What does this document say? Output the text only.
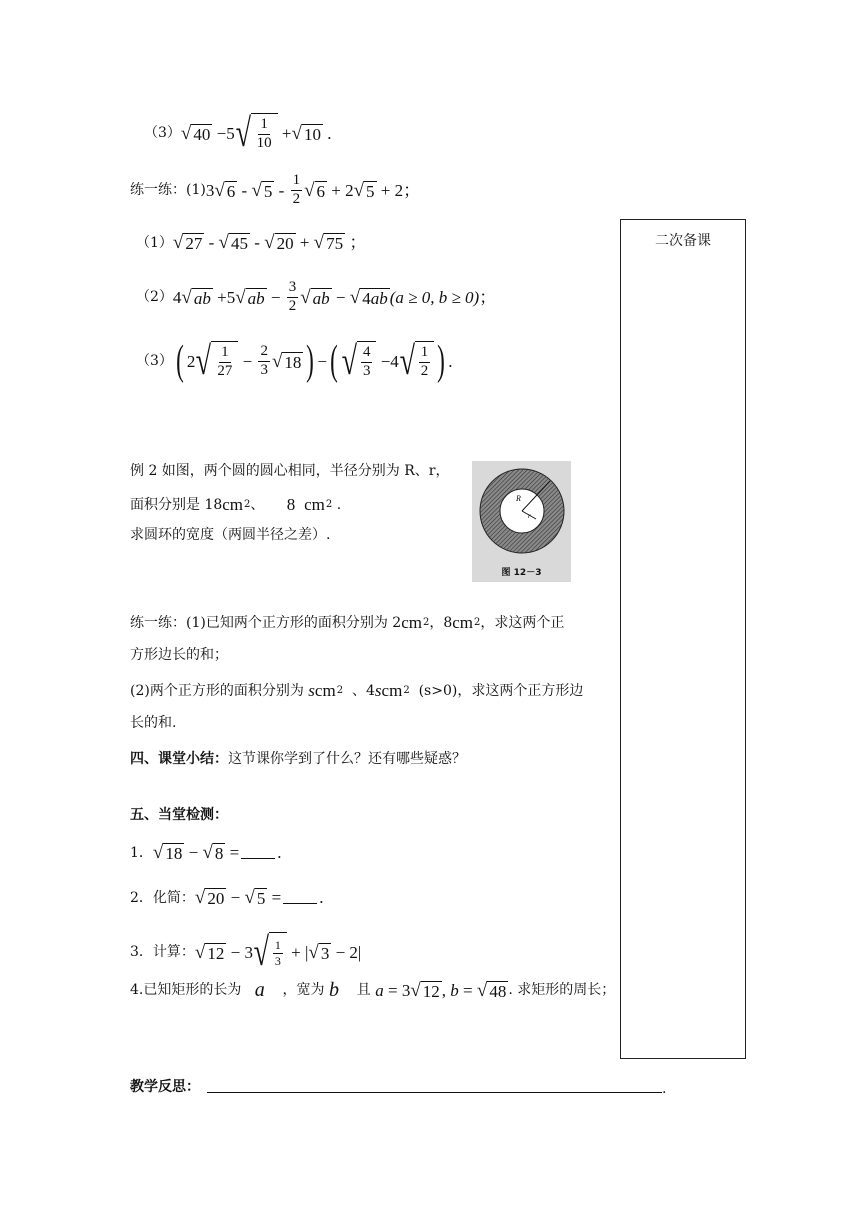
（3） √ 40 −5 √ $\frac{1}{10}$ + √ 10 .
练一练：(1) 3 √ 6 - √ $5 - \frac{1}{2}$ √ 6 + 2 √ 5 + 2；
（1） √ 27 - √ 45 - √ 20 + √ 75 ；
（2） 4 √ ab +5 √ ab − $\frac{3}{2}$ √ ab − √ 4 ab (a ≥ 0, b ≥ 0) ；
（3） ( 2 √ $\frac{1}{27} - \frac{2}{3}$ √ 18 ) − ( √ $\frac{4}{3} -4$ √ $\frac{1}{2}$ ) .
例 2 如图，两个圆的圆心相同，半径分别为 R、r，
面积分别是 18 cm 2 、
8
cm 2 .
求圆环的宽度（两圆半径之差）.
R
r
图 12－3
练一练：(1)已知两个正方形的面积分别为 2 cm 2 ，8 cm 2 ，求这两个正
方形边长的和；
(2)两个正方形的面积分别为
s cm 2
、4 s cm 2
(s>0)，求这两个正方形边
长的和.
四、课堂小结： 这节课你学到了什么？还有哪些疑惑？
五、当堂检测：
1． √ 18 − √ 8 = .
2．化简： √ 20 − √ 5 = .
3．计算： √ 12 − 3 √ $\frac{1}{3}$ + | √ 3 − 2|
4.已知矩形的长为
a
，宽为
b
且
a = 3 √ 12 , b = √ 48 . 求矩形的周长；
二次备课
教学反思：	.
